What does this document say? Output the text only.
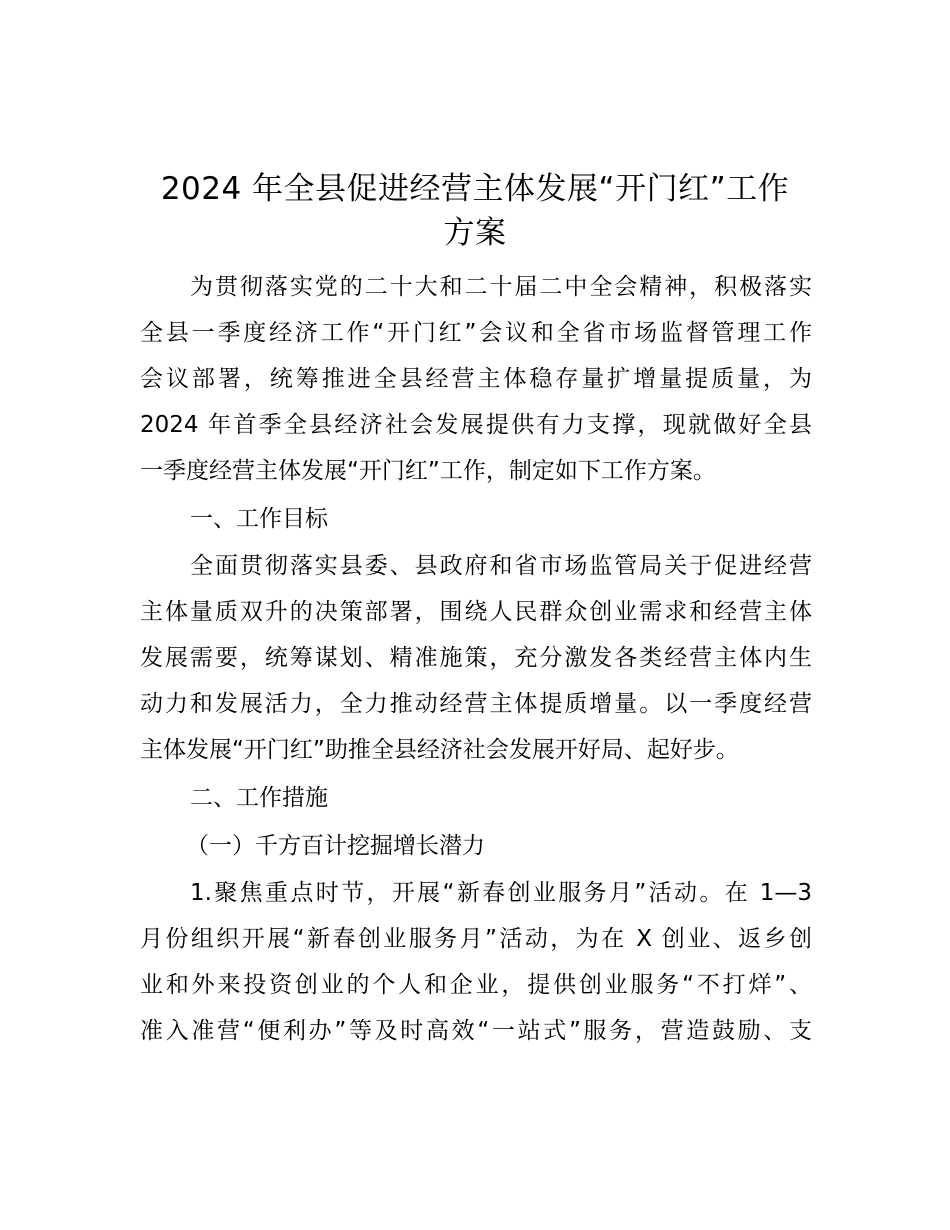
2024 年全县促进经营主体发展“开门红”工作
方案

为贯彻落实党的二十大和二十届二中全会精神，积极落实

全县一季度经济工作“开门红”会议和全省市场监督管理工作

会议部署，统筹推进全县经营主体稳存量扩增量提质量，为

2024 年首季全县经济社会发展提供有力支撑，现就做好全县

一季度经营主体发展“开门红”工作，制定如下工作方案。

一、工作目标

全面贯彻落实县委、县政府和省市场监管局关于促进经营

主体量质双升的决策部署，围绕人民群众创业需求和经营主体

发展需要，统筹谋划、精准施策，充分激发各类经营主体内生

动力和发展活力，全力推动经营主体提质增量。以一季度经营

主体发展“开门红”助推全县经济社会发展开好局、起好步。

二、工作措施

（一）千方百计挖掘增长潜力

1.聚焦重点时节，开展“新春创业服务月”活动。在 1—3

月份组织开展“新春创业服务月”活动，为在 X 创业、返乡创

业和外来投资创业的个人和企业，提供创业服务“不打烊”、

准入准营“便利办”等及时高效“一站式”服务，营造鼓励、支
